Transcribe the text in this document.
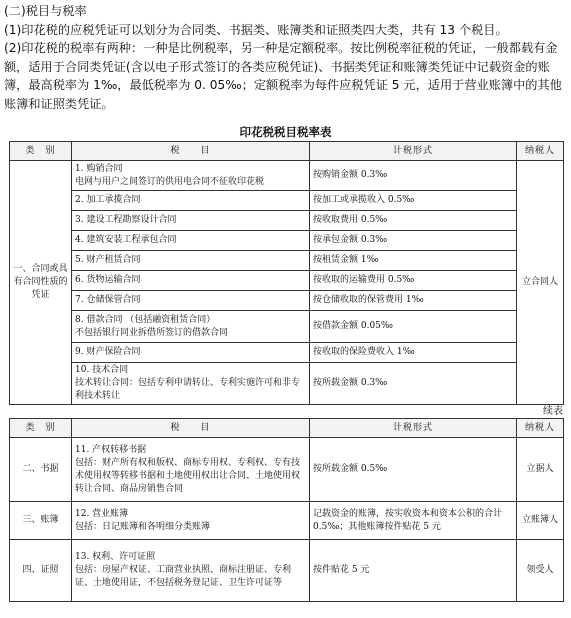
(二)税目与税率

(1)印花税的应税凭证可以划分为合同类、书据类、账簿类和证照类四大类，共有 13 个税目。

(2)印花税的税率有两种：一种是比例税率，另一种是定额税率。按比例税率征税的凭证，一般都载有金额，适用于合同类凭证(含以电子形式签订的各类应税凭证)、书据类凭证和账簿类凭证中记载资金的账簿，最高税率为 1‰，最低税率为 0. 05‰；定额税率为每件应税凭证 5 元，适用于营业账簿中的其他账簿和证照类凭证。

印花税税目税率表
类　别	税　　目	计税形式	纳税人
一、合同或具有合同性质的凭证	1. 购销合同
电网与用户之间签订的供用电合同不征收印花税	按购销金额 0.3‰	立合同人

	2. 加工承揽合同	按加工或承揽收入 0.5‰	

	3. 建设工程勘察设计合同	按收取费用 0.5‰	

	4. 建筑安装工程承包合同	按承包金额 0.3‰	

	5. 财产租赁合同	按租赁金额 1‰	

	6. 货物运输合同	按收取的运输费用 0.5‰	

	7. 仓储保管合同	按仓储收取的保管费用 1‰	

	8. 借款合同 （包括融资租赁合同）
不包括银行同业拆借所签订的借款合同	按借款金额 0.05‰	

	9. 财产保险合同	按收取的保险费收入 1‰	

	10. 技术合同
技术转让合同：包括专利申请转让、专利实施许可和非专利技术转让	按所载金额 0.3‰	
续表
类　别	税　　目	计税形式	纳税人
二、书据	11. 产权转移书据
包括：财产所有权和版权、商标专用权、专利权、专有技术使用权等转移书据和土地使用权出让合同、土地使用权转让合同、商品房销售合同	按所载金额 0.5‰	立据人
三、账簿	12. 营业账簿
包括：日记账簿和各明细分类账簿	记载资金的账簿，按实收资本和资本公积的合计 0.5‰；其他账簿按件贴花 5 元	立账簿人
四、证照	13. 权利、许可证照
包括：房屋产权证、工商营业执照、商标注册证、专利证、土地使用证，不包括税务登记证、卫生许可证等	按件贴花 5 元	领受人
